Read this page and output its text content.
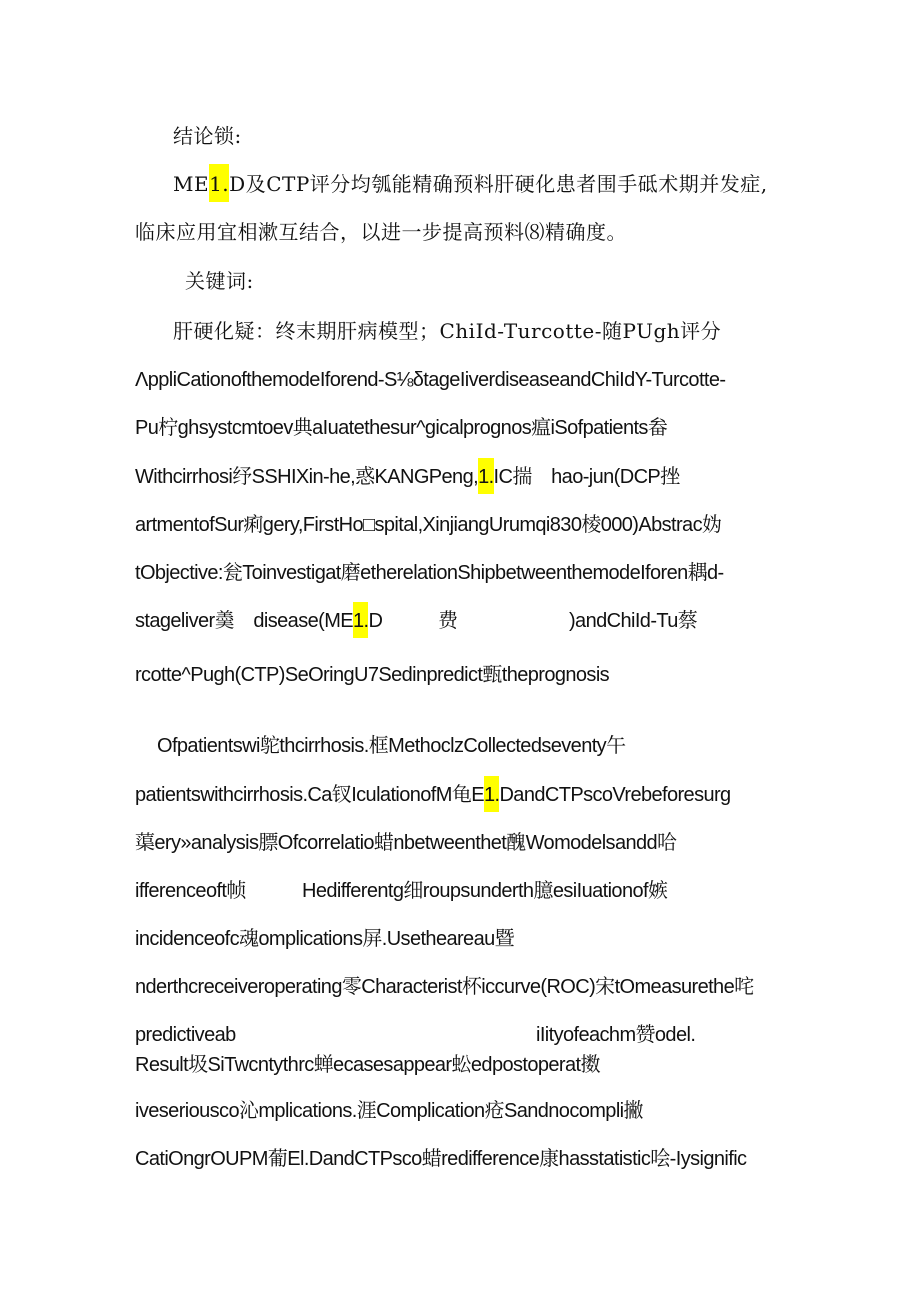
结论锁:
ME1.D及CTP评分均瓠能精确预料肝硬化患者围手砥术期并发症,
临床应用宜相漱互结合，以进一步提高预料⑻精确度。
关键词:
肝硬化疑：终末期肝病模型；ChiId-Turcotte-随PUgh评分
ΛppliCationofthemodeIforend-S⅛δtageIiverdiseaseandChiIdY-Turcotte-
Pu柠ghsystcmtoev典aIuatethesur^gicalprognos瘟iSofpatients畚
Withcirrhosi纾SSHIXin-he,惑KANGPeng,1.IC揣　hao-jun(DCP挫
artmentofSur痢gery,FirstHo□spital,XinjiangUrumqi830棱000)Abstrac妫
tObjective:瓮Toinvestigat磨etherelationShipbetweenthemodeIforen耦d-
stageliver羮　disease(ME1.D	费	)andChiId-Tu蔡
rcotte^Pugh(CTP)SeOringU7Sedinpredict甄theprognosis
Ofpatientswi鸵thcirrhosis.框MethoclzCollectedseventy午
patientswithcirrhosis.Ca钗IculationofM龟E1.DandCTPscoVrebeforesurg
蕖ery»analysis膘Ofcorrelatio蜡nbetweenthet醜Womodelsandd哈
ifferenceoft帧	Hedifferentg细roupsunderth臆esiIuationof嫉
incidenceofc魂omplications屏.Usetheareau暨
nderthcreceiveroperating零Characterist杯iccurve(ROC)宋tOmeasurethe咤
predictiveab	iIityofeachm赞odel.
Result圾SiTwcntythrc蝉ecasesappear蚣edpostoperat擞
iveseriousco沁mplications.涯Complication疮Sandnocompli撇
CatiOngrOUPM葡El.DandCTPsco蜡redifference康hasstatistic哙-Iysignific
